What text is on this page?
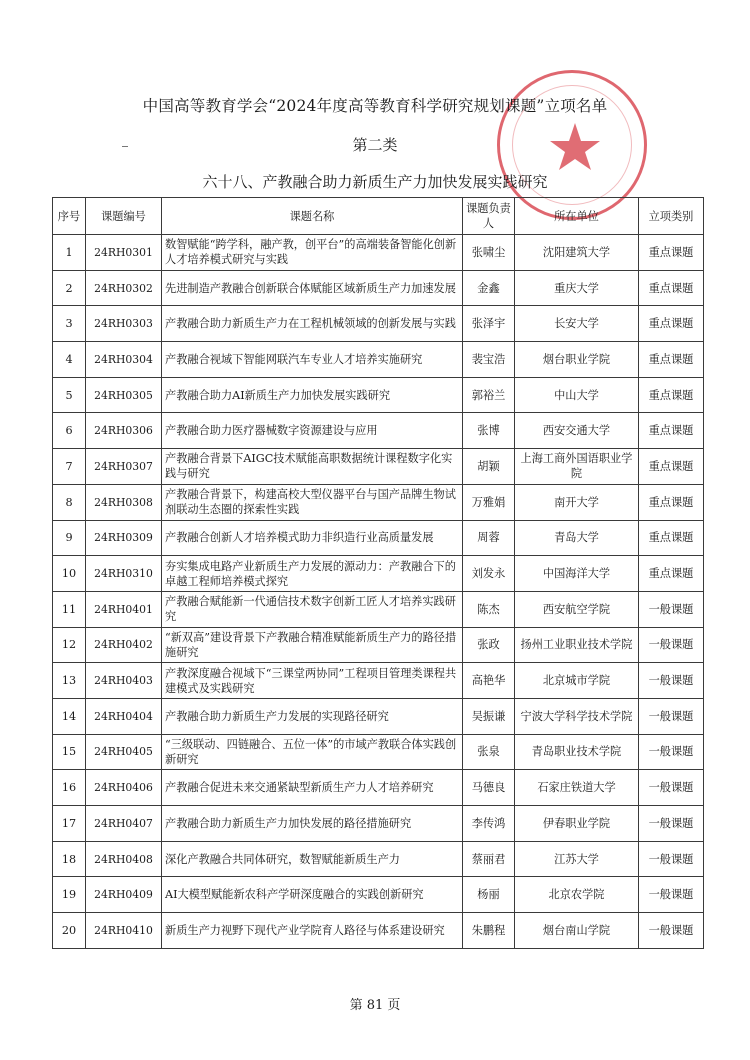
中国高等教育学会“2024年度高等教育科学研究规划课题”立项名单
第二类
六十八、产教融合助力新质生产力加快发展实践研究
序号	课题编号	课题名称	课题负责人	所在单位	立项类别
1	24RH0301	数智赋能“跨学科，融产教，创平台”的高端装备智能化创新人才培养模式研究与实践	张啸尘	沈阳建筑大学	重点课题
2	24RH0302	先进制造产教融合创新联合体赋能区域新质生产力加速发展	金鑫	重庆大学	重点课题
3	24RH0303	产教融合助力新质生产力在工程机械领域的创新发展与实践	张泽宇	长安大学	重点课题
4	24RH0304	产教融合视域下智能网联汽车专业人才培养实施研究	裴宝浩	烟台职业学院	重点课题
5	24RH0305	产教融合助力AI新质生产力加快发展实践研究	郭裕兰	中山大学	重点课题
6	24RH0306	产教融合助力医疗器械数字资源建设与应用	张博	西安交通大学	重点课题
7	24RH0307	产教融合背景下AIGC技术赋能高职数据统计课程数字化实践与研究	胡颖	上海工商外国语职业学院	重点课题
8	24RH0308	产教融合背景下，构建高校大型仪器平台与国产品牌生物试剂联动生态圈的探索性实践	万雅娟	南开大学	重点课题
9	24RH0309	产教融合创新人才培养模式助力非织造行业高质量发展	周蓉	青岛大学	重点课题
10	24RH0310	夯实集成电路产业新质生产力发展的源动力：产教融合下的卓越工程师培养模式探究	刘发永	中国海洋大学	重点课题
11	24RH0401	产教融合赋能新一代通信技术数字创新工匠人才培养实践研究	陈杰	西安航空学院	一般课题
12	24RH0402	“新双高”建设背景下产教融合精准赋能新质生产力的路径措施研究	张政	扬州工业职业技术学院	一般课题
13	24RH0403	产教深度融合视域下“三课堂两协同”工程项目管理类课程共建模式及实践研究	高艳华	北京城市学院	一般课题
14	24RH0404	产教融合助力新质生产力发展的实现路径研究	吴振谦	宁波大学科学技术学院	一般课题
15	24RH0405	“三级联动、四链融合、五位一体”的市域产教联合体实践创新研究	张泉	青岛职业技术学院	一般课题
16	24RH0406	产教融合促进未来交通紧缺型新质生产力人才培养研究	马德良	石家庄铁道大学	一般课题
17	24RH0407	产教融合助力新质生产力加快发展的路径措施研究	李传鸿	伊春职业学院	一般课题
18	24RH0408	深化产教融合共同体研究，数智赋能新质生产力	蔡丽君	江苏大学	一般课题
19	24RH0409	AI大模型赋能新农科产学研深度融合的实践创新研究	杨丽	北京农学院	一般课题
20	24RH0410	新质生产力视野下现代产业学院育人路径与体系建设研究	朱鹏程	烟台南山学院	一般课题
第 81 页
